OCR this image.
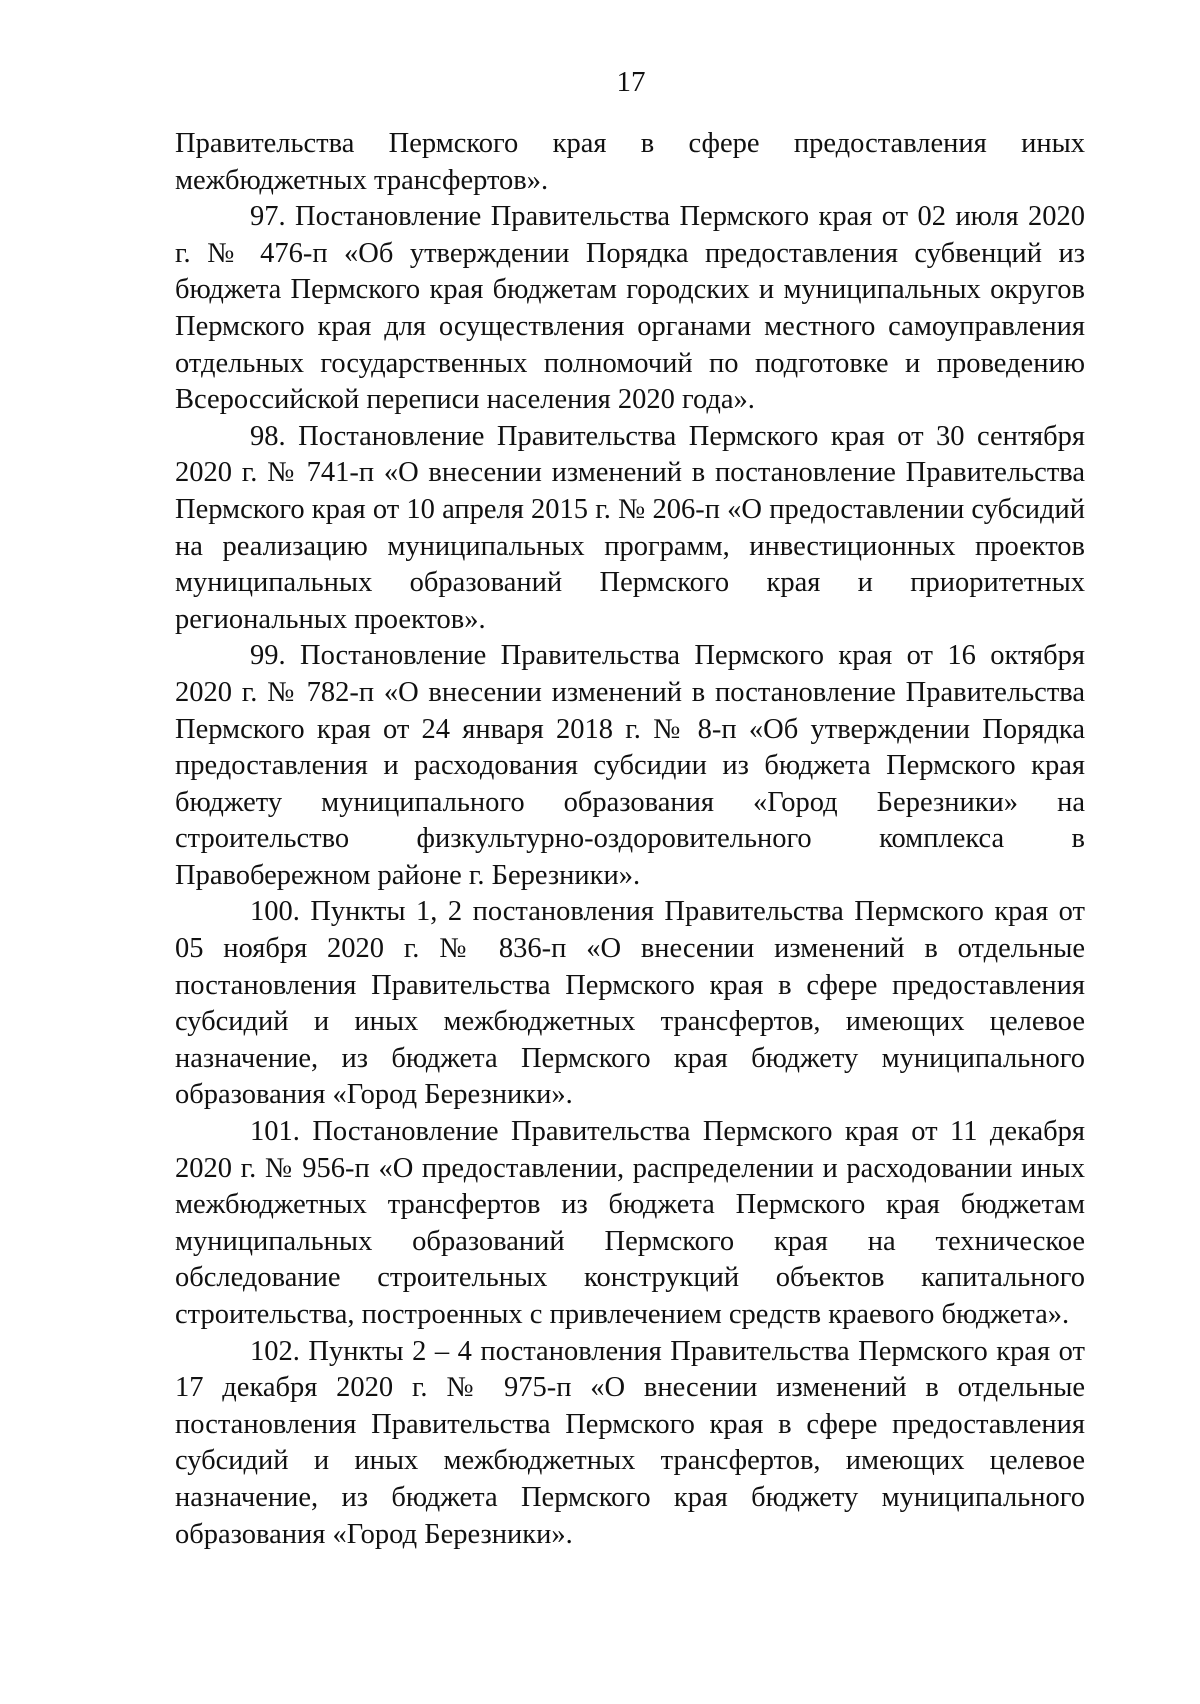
17

Правительства Пермского края в сфере предоставления иных межбюджетных трансфертов».

97. Постановление Правительства Пермского края от 02 июля 2020 г. № 476-п «Об утверждении Порядка предоставления субвенций из бюджета Пермского края бюджетам городских и муниципальных округов Пермского края для осуществления органами местного самоуправления отдельных государственных полномочий по подготовке и проведению Всероссийской переписи населения 2020 года».

98. Постановление Правительства Пермского края от 30 сентября 2020 г. № 741-п «О внесении изменений в постановление Правительства Пермского края от 10 апреля 2015 г. № 206-п «О предоставлении субсидий на реализацию муниципальных программ, инвестиционных проектов муниципальных образований Пермского края и приоритетных региональных проектов».

99. Постановление Правительства Пермского края от 16 октября 2020 г. № 782-п «О внесении изменений в постановление Правительства Пермского края от 24 января 2018 г. № 8-п «Об утверждении Порядка предоставления и расходования субсидии из бюджета Пермского края бюджету муниципального образования «Город Березники» на строительство физкультурно-оздоровительного комплекса в Правобережном районе г. Березники».

100. Пункты 1, 2 постановления Правительства Пермского края от 05 ноября 2020 г. № 836-п «О внесении изменений в отдельные постановления Правительства Пермского края в сфере предоставления субсидий и иных межбюджетных трансфертов, имеющих целевое назначение, из бюджета Пермского края бюджету муниципального образования «Город Березники».

101. Постановление Правительства Пермского края от 11 декабря 2020 г. № 956-п «О предоставлении, распределении и расходовании иных межбюджетных трансфертов из бюджета Пермского края бюджетам муниципальных образований Пермского края на техническое обследование строительных конструкций объектов капитального строительства, построенных с привлечением средств краевого бюджета».

102. Пункты 2 – 4 постановления Правительства Пермского края от 17 декабря 2020 г. № 975-п «О внесении изменений в отдельные постановления Правительства Пермского края в сфере предоставления субсидий и иных межбюджетных трансфертов, имеющих целевое назначение, из бюджета Пермского края бюджету муниципального образования «Город Березники».
